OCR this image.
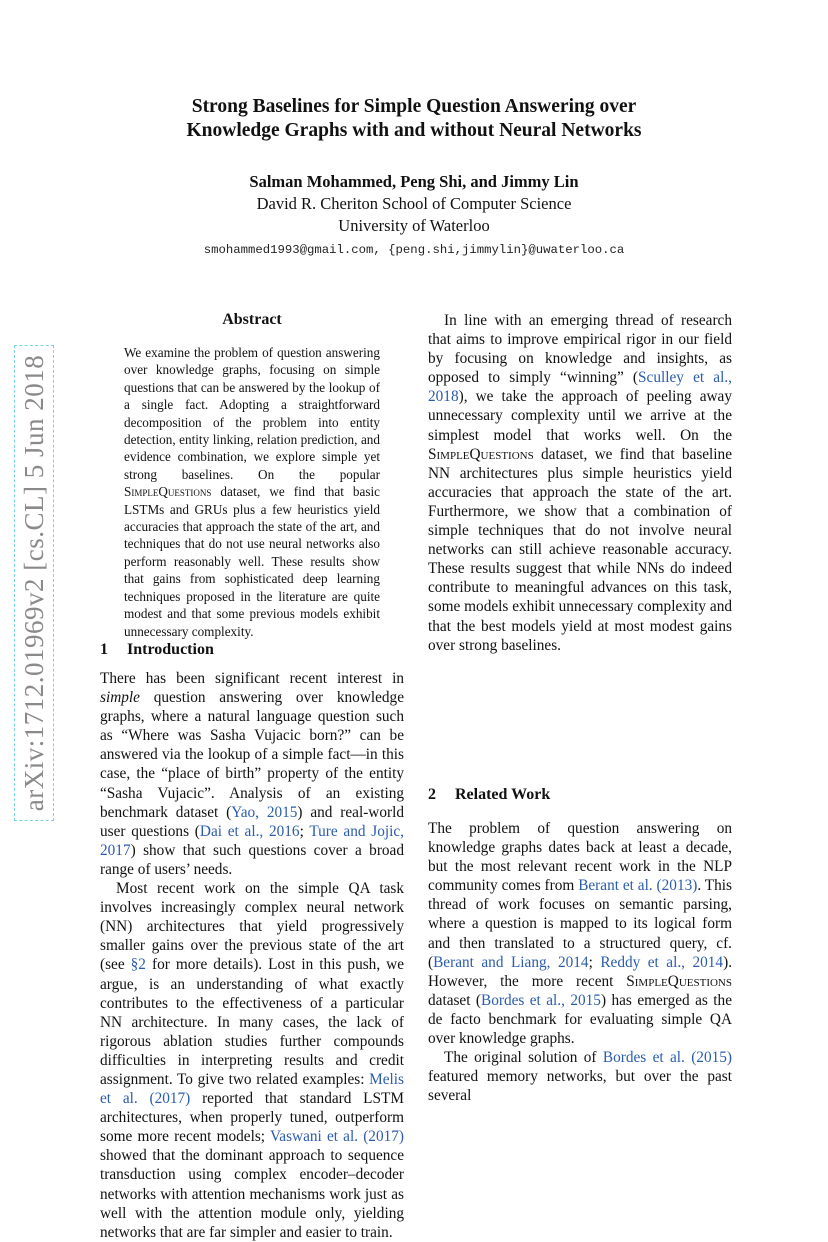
arXiv:1712.01969v2 [cs.CL] 5 Jun 2018
Strong Baselines for Simple Question Answering over
Knowledge Graphs with and without Neural Networks
Salman Mohammed, Peng Shi, and Jimmy Lin
David R. Cheriton School of Computer Science
University of Waterloo
smohammed1993@gmail.com, {peng.shi,jimmylin}@uwaterloo.ca
Abstract
We examine the problem of question answering over knowledge graphs, focusing on simple questions that can be answered by the lookup of a single fact. Adopting a straightforward decomposition of the problem into entity detection, entity linking, relation prediction, and evidence combination, we explore simple yet strong baselines. On the popular SimpleQuestions dataset, we find that basic LSTMs and GRUs plus a few heuristics yield accuracies that approach the state of the art, and techniques that do not use neural networks also perform reasonably well. These results show that gains from sophisticated deep learning techniques proposed in the literature are quite modest and that some previous models exhibit unnecessary complexity.
1 Introduction

There has been significant recent interest in simple question answering over knowledge graphs, where a natural language question such as “Where was Sasha Vujacic born?” can be answered via the lookup of a simple fact—in this case, the “place of birth” property of the entity “Sasha Vujacic”. Analysis of an existing benchmark dataset (Yao, 2015) and real-world user questions (Dai et al., 2016; Ture and Jojic, 2017) show that such questions cover a broad range of users’ needs.

Most recent work on the simple QA task involves increasingly complex neural network (NN) architectures that yield progressively smaller gains over the previous state of the art (see §2 for more details). Lost in this push, we argue, is an understanding of what exactly contributes to the effectiveness of a particular NN architecture. In many cases, the lack of rigorous ablation studies further compounds difficulties in interpreting results and credit assignment. To give two related examples: Melis et al. (2017) reported that standard LSTM architectures, when properly tuned, outperform some more recent models; Vaswani et al. (2017) showed that the dominant approach to sequence transduction using complex encoder–decoder networks with attention mechanisms work just as well with the attention module only, yielding networks that are far simpler and easier to train.

In line with an emerging thread of research that aims to improve empirical rigor in our field by focusing on knowledge and insights, as opposed to simply “winning” (Sculley et al., 2018), we take the approach of peeling away unnecessary complexity until we arrive at the simplest model that works well. On the SimpleQuestions dataset, we find that baseline NN architectures plus simple heuristics yield accuracies that approach the state of the art. Furthermore, we show that a combination of simple techniques that do not involve neural networks can still achieve reasonable accuracy. These results suggest that while NNs do indeed contribute to meaningful advances on this task, some models exhibit unnecessary complexity and that the best models yield at most modest gains over strong baselines.

2 Related Work

The problem of question answering on knowledge graphs dates back at least a decade, but the most relevant recent work in the NLP community comes from Berant et al. (2013). This thread of work focuses on semantic parsing, where a question is mapped to its logical form and then translated to a structured query, cf. (Berant and Liang, 2014; Reddy et al., 2014). However, the more recent SimpleQuestions dataset (Bordes et al., 2015) has emerged as the de facto benchmark for evaluating simple QA over knowledge graphs.

The original solution of Bordes et al. (2015) featured memory networks, but over the past several
